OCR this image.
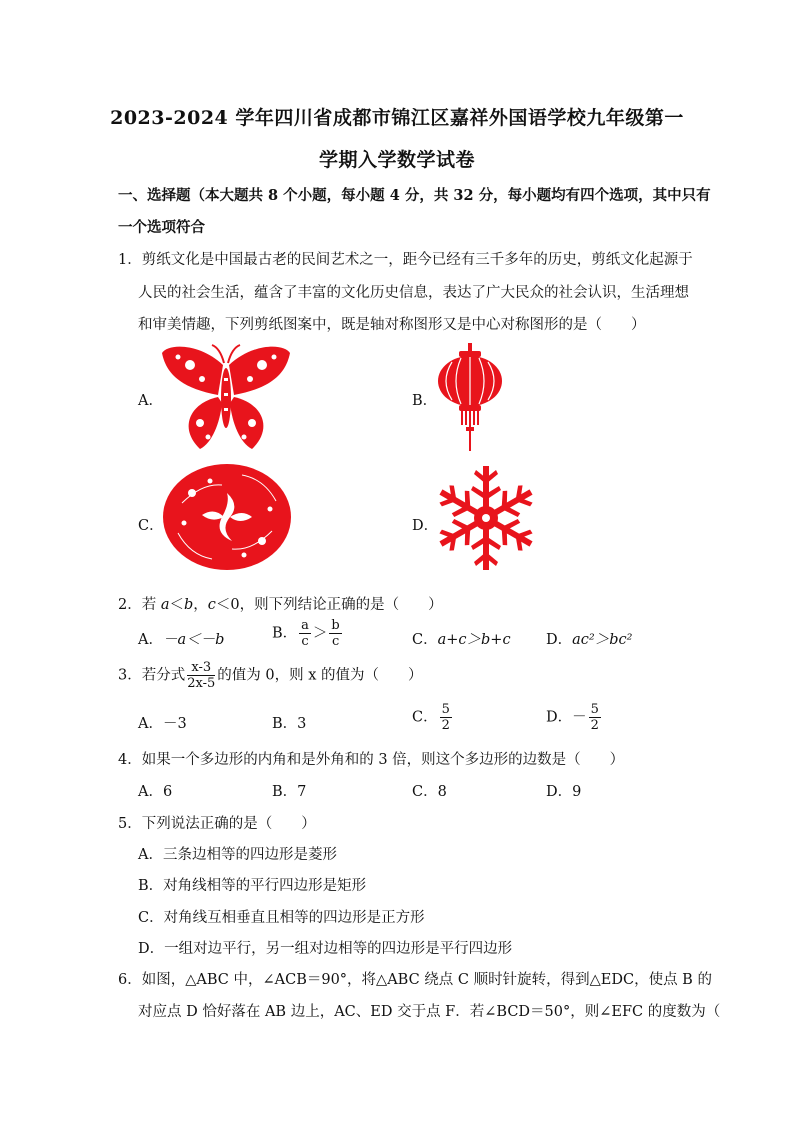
2023-2024 学年四川省成都市锦江区嘉祥外国语学校九年级第一
学期入学数学试卷
一、选择题（本大题共 8 个小题，每小题 4 分，共 32 分，每小题均有四个选项，其中只有
一个选项符合
1．剪纸文化是中国最古老的民间艺术之一，距今已经有三千多年的历史，剪纸文化起源于
人民的社会生活，蕴含了丰富的文化历史信息，表达了广大民众的社会认识，生活理想
和审美情趣，下列剪纸图案中，既是轴对称图形又是中心对称图形的是（　　）
A．	B．
C．	D．
2．若 a＜b，c＜0，则下列结论正确的是（　　）
A．－a＜－b	B． $\frac{a}{c} > \frac{b}{c}$	C．a+c＞b+c D．ac²＞bc²
3．若分式 $\frac{x-3}{2x-5}$ 的值为 0，则 x 的值为（　　）
A．－3	B．3	C． $\frac{5}{2}$	D．－ $\frac{5}{2}$
4．如果一个多边形的内角和是外角和的 3 倍，则这个多边形的边数是（　　）
A．6	B．7	C．8	D．9
5．下列说法正确的是（　　）
A．三条边相等的四边形是菱形
B．对角线相等的平行四边形是矩形
C．对角线互相垂直且相等的四边形是正方形
D．一组对边平行，另一组对边相等的四边形是平行四边形
6．如图，△ABC 中，∠ACB＝90°，将△ABC 绕点 C 顺时针旋转，得到△EDC，使点 B 的
对应点 D 恰好落在 AB 边上，AC、ED 交于点 F．若∠BCD＝50°，则∠EFC 的度数为（
